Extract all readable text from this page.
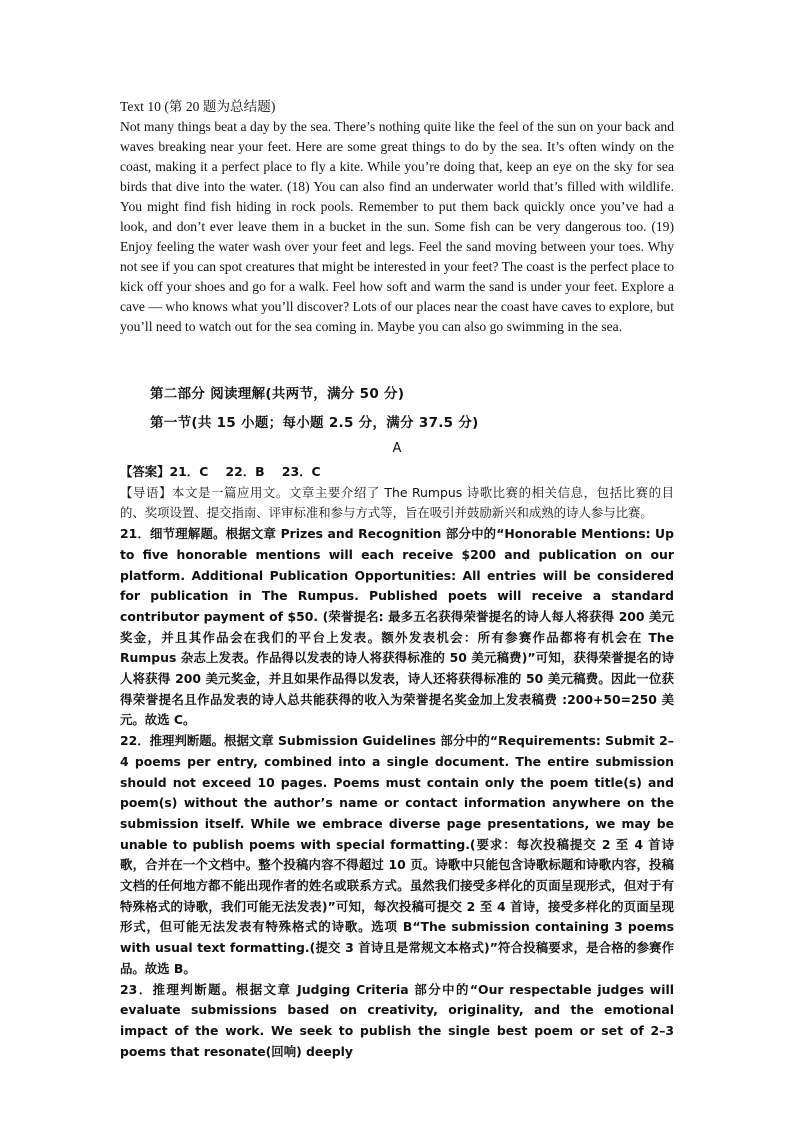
Text 10 (第 20 题为总结题)
Not many things beat a day by the sea. There’s nothing quite like the feel of the sun on your back and waves breaking near your feet. Here are some great things to do by the sea. It’s often windy on the coast, making it a perfect place to fly a kite. While you’re doing that, keep an eye on the sky for sea birds that dive into the water. (18) You can also find an underwater world that’s filled with wildlife. You might find fish hiding in rock pools. Remember to put them back quickly once you’ve had a look, and don’t ever leave them in a bucket in the sun. Some fish can be very dangerous too. (19) Enjoy feeling the water wash over your feet and legs. Feel the sand moving between your toes. Why not see if you can spot creatures that might be interested in your feet? The coast is the perfect place to kick off your shoes and go for a walk. Feel how soft and warm the sand is under your feet. Explore a cave — who knows what you’ll discover? Lots of our places near the coast have caves to explore, but you’ll need to watch out for the sea coming in. Maybe you can also go swimming in the sea.
第二部分 阅读理解(共两节，满分 50 分)
第一节(共 15 小题；每小题 2.5 分，满分 37.5 分)
A

【答案】21．C    22．B    23．C

【导语】本文是一篇应用文。文章主要介绍了 The Rumpus 诗歌比赛的相关信息，包括比赛的目的、奖项设置、提交指南、评审标准和参与方式等，旨在吸引并鼓励新兴和成熟的诗人参与比赛。

21．细节理解题。根据文章 Prizes and Recognition 部分中的“Honorable Mentions: Up to five honorable mentions will each receive $200 and publication on our platform. Additional Publication Opportunities: All entries will be considered for publication in The Rumpus. Published poets will receive a standard contributor payment of $50. (荣誉提名: 最多五名获得荣誉提名的诗人每人将获得 200 美元奖金，并且其作品会在我们的平台上发表。额外发表机会：所有参赛作品都将有机会在 The Rumpus 杂志上发表。作品得以发表的诗人将获得标准的 50 美元稿费)”可知，获得荣誉提名的诗人将获得 200 美元奖金，并且如果作品得以发表，诗人还将获得标准的 50 美元稿费。因此一位获得荣誉提名且作品发表的诗人总共能获得的收入为荣誉提名奖金加上发表稿费 :200+50=250 美元。故选 C。

22．推理判断题。根据文章 Submission Guidelines 部分中的“Requirements: Submit 2–4 poems per entry, combined into a single document. The entire submission should not exceed 10 pages. Poems must contain only the poem title(s) and poem(s) without the author’s name or contact information anywhere on the submission itself. While we embrace diverse page presentations, we may be unable to publish poems with special formatting.(要求：每次投稿提交 2 至 4 首诗歌，合并在一个文档中。整个投稿内容不得超过 10 页。诗歌中只能包含诗歌标题和诗歌内容，投稿文档的任何地方都不能出现作者的姓名或联系方式。虽然我们接受多样化的页面呈现形式，但对于有特殊格式的诗歌，我们可能无法发表)”可知，每次投稿可提交 2 至 4 首诗，接受多样化的页面呈现形式，但可能无法发表有特殊格式的诗歌。选项 B“The submission containing 3 poems with usual text formatting.(提交 3 首诗且是常规文本格式)”符合投稿要求，是合格的参赛作品。故选 B。

23．推理判断题。根据文章 Judging Criteria 部分中的“Our respectable judges will evaluate submissions based on creativity, originality, and the emotional impact of the work. We seek to publish the single best poem or set of 2–3 poems that resonate(回响) deeply
